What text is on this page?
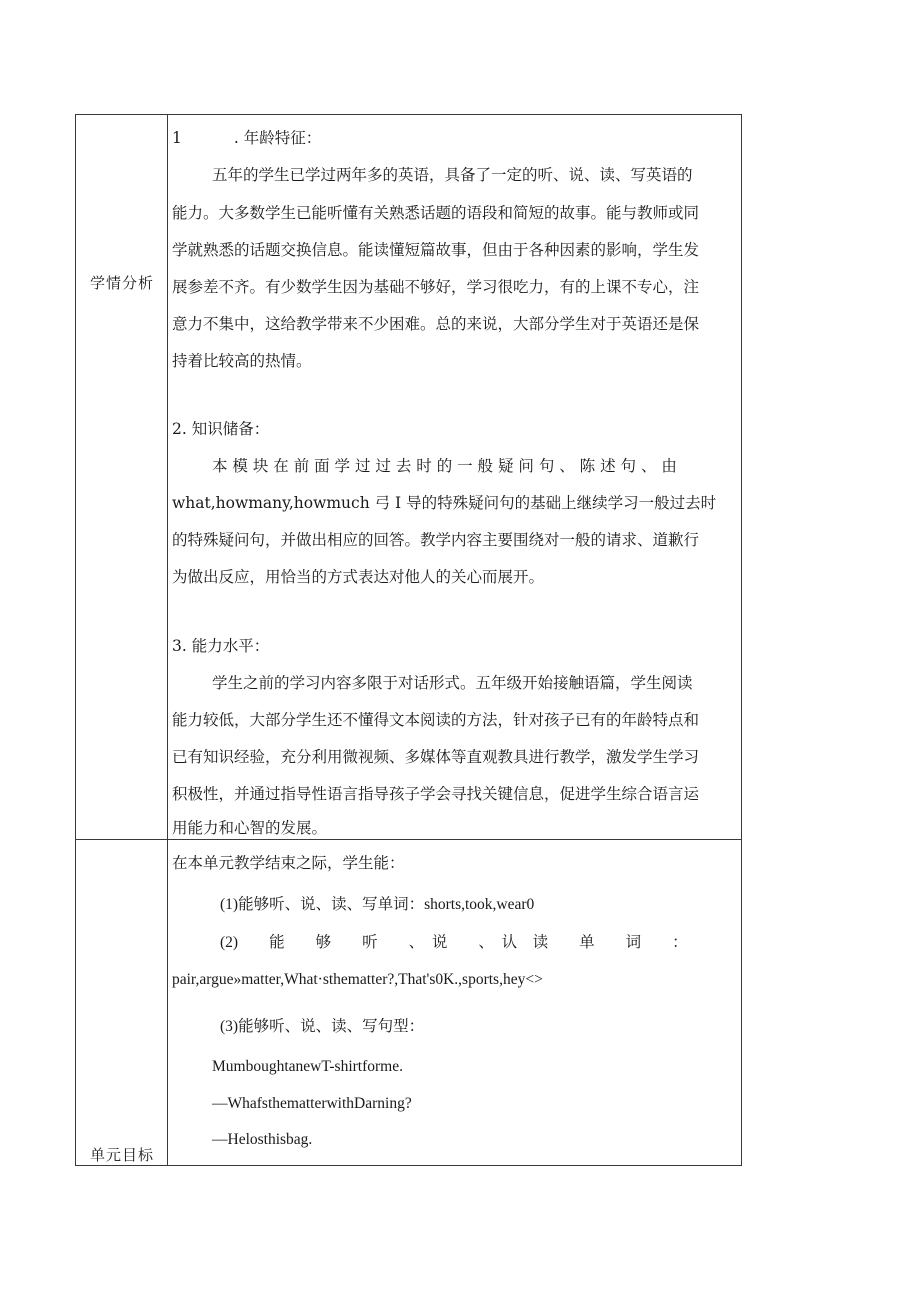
学情分析
1	. 年龄特征：
五年的学生已学过两年多的英语，具备了一定的听、说、读、写英语的
能力。大多数学生已能听懂有关熟悉话题的语段和简短的故事。能与教师或同
学就熟悉的话题交换信息。能读懂短篇故事，但由于各种因素的影响，学生发
展参差不齐。有少数学生因为基础不够好，学习很吃力，有的上课不专心，注
意力不集中，这给教学带来不少困难。总的来说，大部分学生对于英语还是保
持着比较高的热情。
2. 知识储备：
本 模 块 在 前 面 学 过 过 去 时 的 一 般 疑 问 句 、 陈 述 句 、 由
what,howmany,howmuch 弓 I 导的特殊疑问句的基础上继续学习一般过去时
的特殊疑问句，并做出相应的回答。教学内容主要围绕对一般的请求、道歉行
为做出反应，用恰当的方式表达对他人的关心而展开。
3. 能力水平：
学生之前的学习内容多限于对话形式。五年级开始接触语篇，学生阅读
能力较低，大部分学生还不懂得文本阅读的方法，针对孩子已有的年龄特点和
已有知识经验，充分利用微视频、多媒体等直观教具进行教学，激发学生学习
积极性，并通过指导性语言指导孩子学会寻找关键信息，促进学生综合语言运
用能力和心智的发展。
单元目标
在本单元教学结束之际，学生能：
(1)能够听、说、读、写单词：shorts,took,wear0
(2)　　能　　够　　听　　、　说　　、　认　读　　单　　词　　：
pair,argue»matter,What·sthematter?,That's0K.,sports,hey<>
(3)能够听、说、读、写句型：
MumboughtanewT-shirtforme.
—WhafsthematterwithDarning?
—Helosthisbag.
